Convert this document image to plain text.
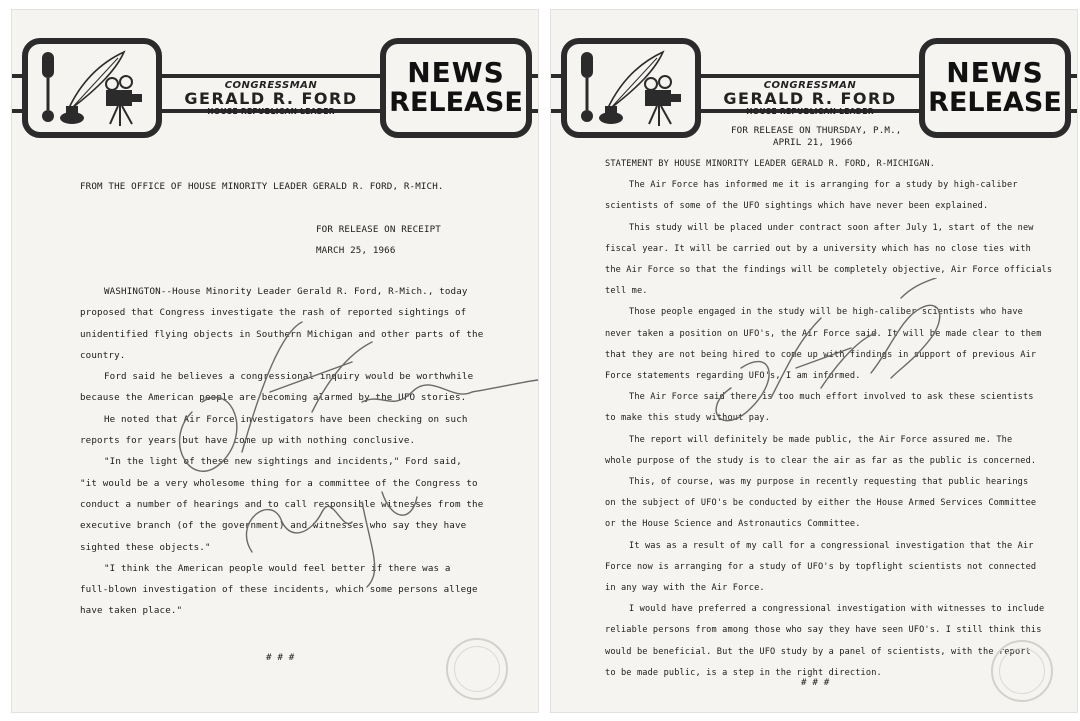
CONGRESSMAN
GERALD R. FORD
HOUSE REPUBLICAN LEADER
NEWS
RELEASE
FROM THE OFFICE OF HOUSE MINORITY LEADER GERALD R. FORD, R-MICH.
FOR RELEASE ON RECEIPT
MARCH 25, 1966

WASHINGTON--House Minority Leader Gerald R. Ford, R-Mich., today

proposed that Congress investigate the rash of reported sightings of

unidentified flying objects in Southern Michigan and other parts of the

country.

Ford said he believes a congressional inquiry would be worthwhile

because the American people are becoming alarmed by the UFO stories.

He noted that Air Force investigators have been checking on such

reports for years but have come up with nothing conclusive.

"In the light of these new sightings and incidents," Ford said,

"it would be a very wholesome thing for a committee of the Congress to

conduct a number of hearings and to call responsible witnesses from the

executive branch (of the government) and witnesses who say they have

sighted these objects."

"I think the American people would feel better if there was a

full-blown investigation of these incidents, which some persons allege

have taken place."

# # #
CONGRESSMAN
GERALD R. FORD
HOUSE REPUBLICAN LEADER
NEWS
RELEASE
FOR RELEASE ON THURSDAY, P.M.,
APRIL 21, 1966

STATEMENT BY HOUSE MINORITY LEADER GERALD R. FORD, R-MICHIGAN.

The Air Force has informed me it is arranging for a study by high-caliber

scientists of some of the UFO sightings which have never been explained.

This study will be placed under contract soon after July 1, start of the new

fiscal year. It will be carried out by a university which has no close ties with

the Air Force so that the findings will be completely objective, Air Force officials

tell me.

Those people engaged in the study will be high-caliber scientists who have

never taken a position on UFO's, the Air Force said. It will be made clear to them

that they are not being hired to come up with findings in support of previous Air

Force statements regarding UFO's, I am informed.

The Air Force said there is too much effort involved to ask these scientists

to make this study without pay.

The report will definitely be made public, the Air Force assured me. The

whole purpose of the study is to clear the air as far as the public is concerned.

This, of course, was my purpose in recently requesting that public hearings

on the subject of UFO's be conducted by either the House Armed Services Committee

or the House Science and Astronautics Committee.

It was as a result of my call for a congressional investigation that the Air

Force now is arranging for a study of UFO's by topflight scientists not connected

in any way with the Air Force.

I would have preferred a congressional investigation with witnesses to include

reliable persons from among those who say they have seen UFO's. I still think this

would be beneficial. But the UFO study by a panel of scientists, with the report

to be made public, is a step in the right direction.

# # #
